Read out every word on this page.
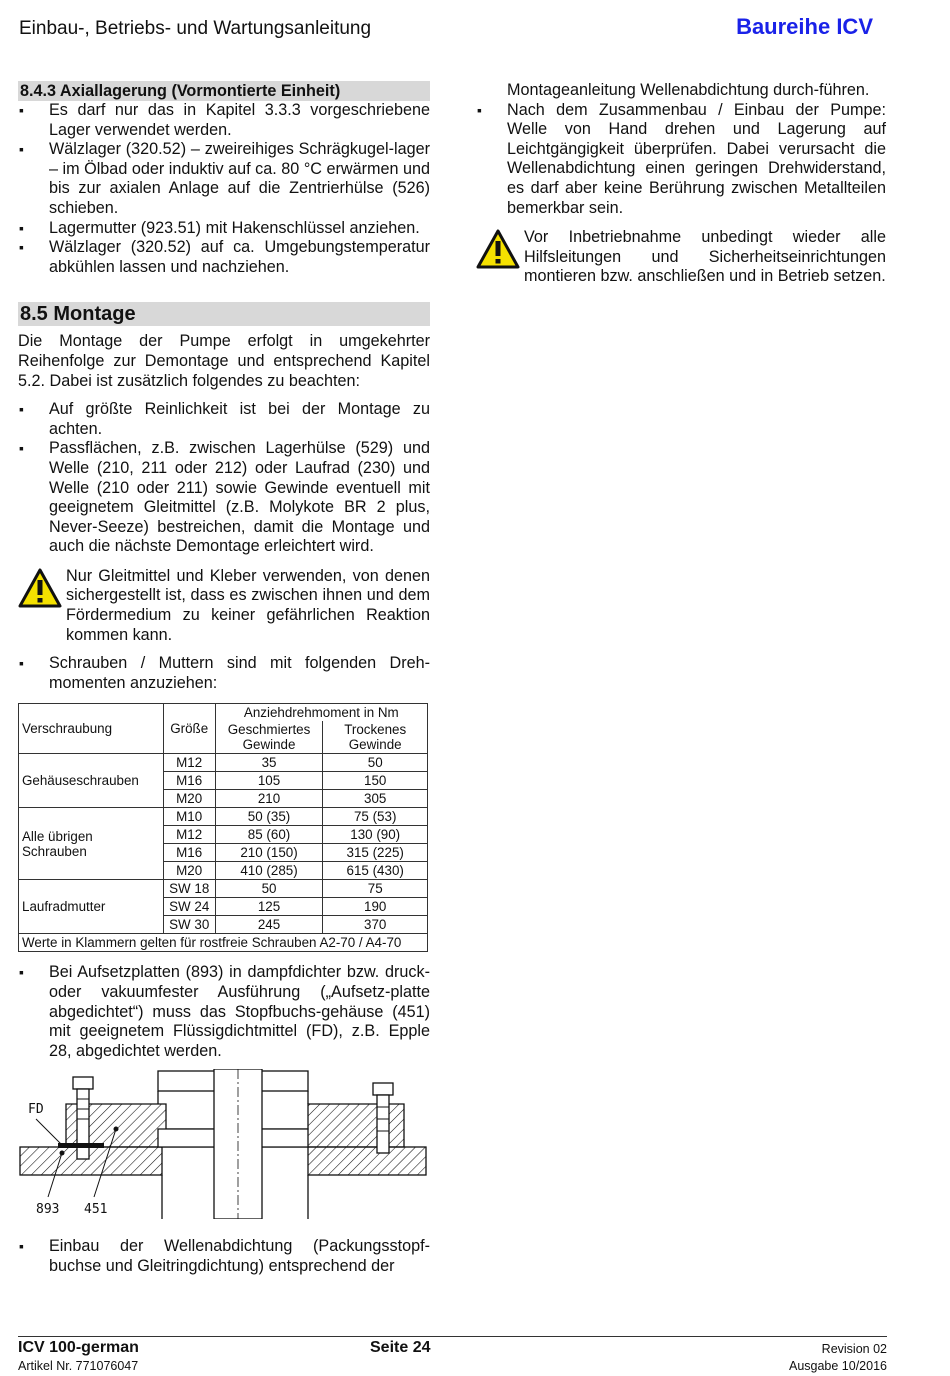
Einbau-, Betriebs- und Wartungsanleitung	Baureihe ICV
8.4.3 Axiallagerung (Vormontierte Einheit)
▪ Es darf nur das in Kapitel 3.3.3 vorgeschriebene Lager verwendet werden.
▪ Wälzlager (320.52) – zweireihiges Schrägkugel-lager – im Ölbad oder induktiv auf ca. 80 °C erwärmen und bis zur axialen Anlage auf die Zentrierhülse (526) schieben.
▪ Lagermutter (923.51) mit Hakenschlüssel anziehen.
▪ Wälzlager (320.52) auf ca. Umgebungstemperatur abkühlen lassen und nachziehen.
8.5 Montage

Die Montage der Pumpe erfolgt in umgekehrter Reihenfolge zur Demontage und entsprechend Kapitel 5.2. Dabei ist zusätzlich folgendes zu beachten:

▪ Auf größte Reinlichkeit ist bei der Montage zu achten.
▪ Passflächen, z.B. zwischen Lagerhülse (529) und Welle (210, 211 oder 212) oder Laufrad (230) und Welle (210 oder 211) sowie Gewinde eventuell mit geeignetem Gleitmittel (z.B. Molykote BR 2 plus, Never-Seeze) bestreichen, damit die Montage und auch die nächste Demontage erleichtert wird.
Nur Gleitmittel und Kleber verwenden, von denen sichergestellt ist, dass es zwischen ihnen und dem Fördermedium zu keiner gefährlichen Reaktion kommen kann.
▪ Schrauben / Muttern sind mit folgenden Dreh-momenten anzuziehen:
Verschraubung	Größe	Anziehdrehmoment in Nm	
		Geschmiertes Gewinde	Trockenes Gewinde

Gehäuseschrauben	M12	35	50
	M16	105	150
	M20	210	305
Alle übrigen Schrauben	M10	50 (35)	75 (53)
	M12	85 (60)	130 (90)
	M16	210 (150)	315 (225)
	M20	410 (285)	615 (430)
Laufradmutter	SW 18	50	75
	SW 24	125	190
	SW 30	245	370
Werte in Klammern gelten für rostfreie Schrauben A2-70 / A4-70			
▪ Bei Aufsetzplatten (893) in dampfdichter bzw. druck- oder vakuumfester Ausführung („Aufsetz-platte abgedichtet“) muss das Stopfbuchs-gehäuse (451) mit geeignetem Flüssigdichtmittel (FD), z.B. Epple 28, abgedichtet werden.
FD
893 451
▪ Einbau der Wellenabdichtung (Packungsstopf-buchse und Gleitringdichtung) entsprechend der

Montageanleitung Wellenabdichtung durch-führen.

▪ Nach dem Zusammenbau / Einbau der Pumpe: Welle von Hand drehen und Lagerung auf Leichtgängigkeit überprüfen. Dabei verursacht die Wellenabdichtung einen geringen Drehwiderstand, es darf aber keine Berührung zwischen Metallteilen bemerkbar sein.
Vor Inbetriebnahme unbedingt wieder alle Hilfsleitungen und Sicherheitseinrichtungen montieren bzw. anschließen und in Betrieb setzen.
ICV 100-german
Artikel Nr. 771076047
Seite 24	Revision 02
Ausgabe 10/2016
